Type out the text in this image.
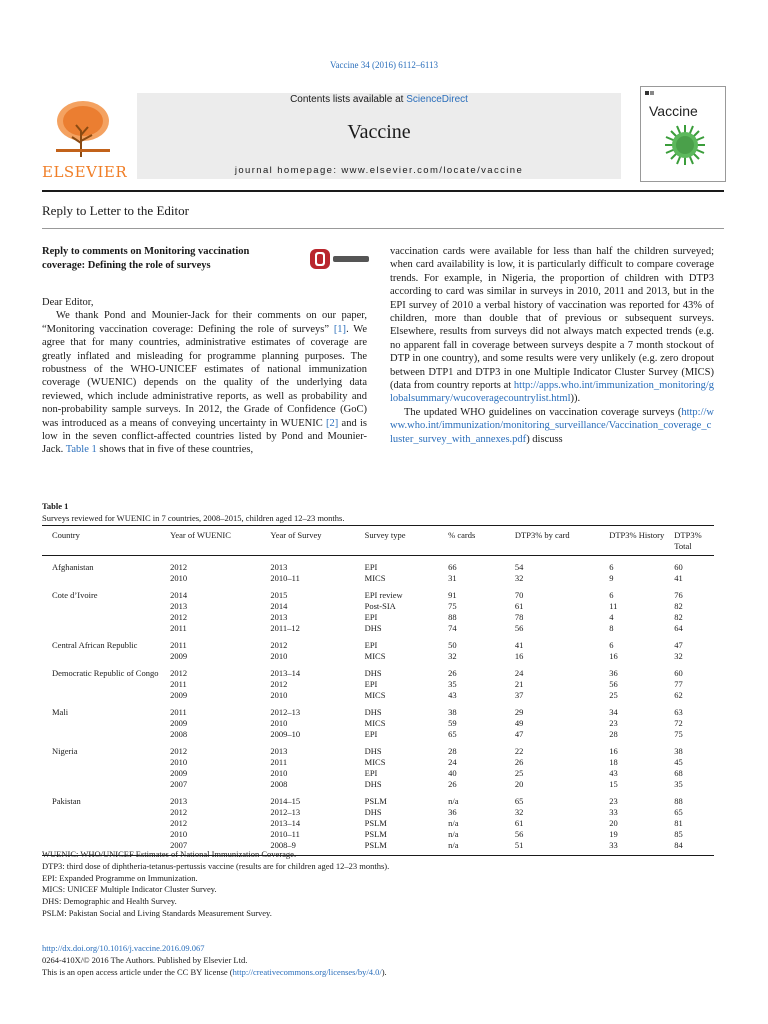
Vaccine 34 (2016) 6112–6113
ELSEVIER
Contents lists available at ScienceDirect
Vaccine
journal homepage: www.elsevier.com/locate/vaccine
Vaccine
Reply to Letter to the Editor
Reply to comments on Monitoring vaccination coverage: Defining the role of surveys

Dear Editor,

We thank Pond and Mounier-Jack for their comments on our paper, “Monitoring vaccination coverage: Defining the role of surveys” [1]. We agree that for many countries, administrative estimates of coverage are greatly inflated and misleading for programme planning purposes. The robustness of the WHO-UNICEF estimates of national immunization coverage (WUENIC) depends on the quality of the underlying data reviewed, which include administrative reports, as well as probability and non-probability sample surveys. In 2012, the Grade of Confidence (GoC) was introduced as a means of conveying uncertainty in WUENIC [2] and is low in the seven conflict-affected countries listed by Pond and Mounier-Jack. Table 1 shows that in five of these countries,

vaccination cards were available for less than half the children surveyed; when card availability is low, it is particularly difficult to compare coverage trends. For example, in Nigeria, the proportion of children with DTP3 according to card was similar in surveys in 2010, 2011 and 2013, but in the EPI survey of 2010 a verbal history of vaccination was reported for 43% of children, more than double that of previous or subsequent surveys. Elsewhere, results from surveys did not always match expected trends (e.g. no apparent fall in coverage between surveys despite a 7 month stockout of DTP in one country), and some results were very unlikely (e.g. zero dropout between DTP1 and DTP3 in one Multiple Indicator Cluster Survey (MICS) (data from country reports at http://apps.who.int/immunization_monitoring/globalsummary/wucoveragecountrylist.html)).

The updated WHO guidelines on vaccination coverage surveys (http://www.who.int/immunization/monitoring_surveillance/Vaccination_coverage_cluster_survey_with_annexes.pdf) discuss

Table 1
Surveys reviewed for WUENIC in 7 countries, 2008–2015, children aged 12–23 months.
Country	Year of WUENIC	Year of Survey	Survey type	% cards	DTP3% by card	DTP3% History	DTP3% Total
Afghanistan	2012	2013	EPI	66	54	6	60
	2010	2010–11	MICS	31	32	9	41
Cote d’Ivoire	2014	2015	EPI review	91	70	6	76
	2013	2014	Post-SIA	75	61	11	82
	2012	2013	EPI	88	78	4	82
	2011	2011–12	DHS	74	56	8	64
Central African Republic	2011	2012	EPI	50	41	6	47
	2009	2010	MICS	32	16	16	32
Democratic Republic of Congo	2012	2013–14	DHS	26	24	36	60
	2011	2012	EPI	35	21	56	77
	2009	2010	MICS	43	37	25	62
Mali	2011	2012–13	DHS	38	29	34	63
	2009	2010	MICS	59	49	23	72
	2008	2009–10	EPI	65	47	28	75
Nigeria	2012	2013	DHS	28	22	16	38
	2010	2011	MICS	24	26	18	45
	2009	2010	EPI	40	25	43	68
	2007	2008	DHS	26	20	15	35
Pakistan	2013	2014–15	PSLM	n/a	65	23	88
	2012	2012–13	DHS	36	32	33	65
	2012	2013–14	PSLM	n/a	61	20	81
	2010	2010–11	PSLM	n/a	56	19	85
	2007	2008–9	PSLM	n/a	51	33	84
WUENIC: WHO/UNICEF Estimates of National Immunization Coverage.
DTP3: third dose of diphtheria-tetanus-pertussis vaccine (results are for children aged 12–23 months).
EPI: Expanded Programme on Immunization.
MICS: UNICEF Multiple Indicator Cluster Survey.
DHS: Demographic and Health Survey.
PSLM: Pakistan Social and Living Standards Measurement Survey.
http://dx.doi.org/10.1016/j.vaccine.2016.09.067
0264-410X/© 2016 The Authors. Published by Elsevier Ltd.
This is an open access article under the CC BY license (http://creativecommons.org/licenses/by/4.0/).
